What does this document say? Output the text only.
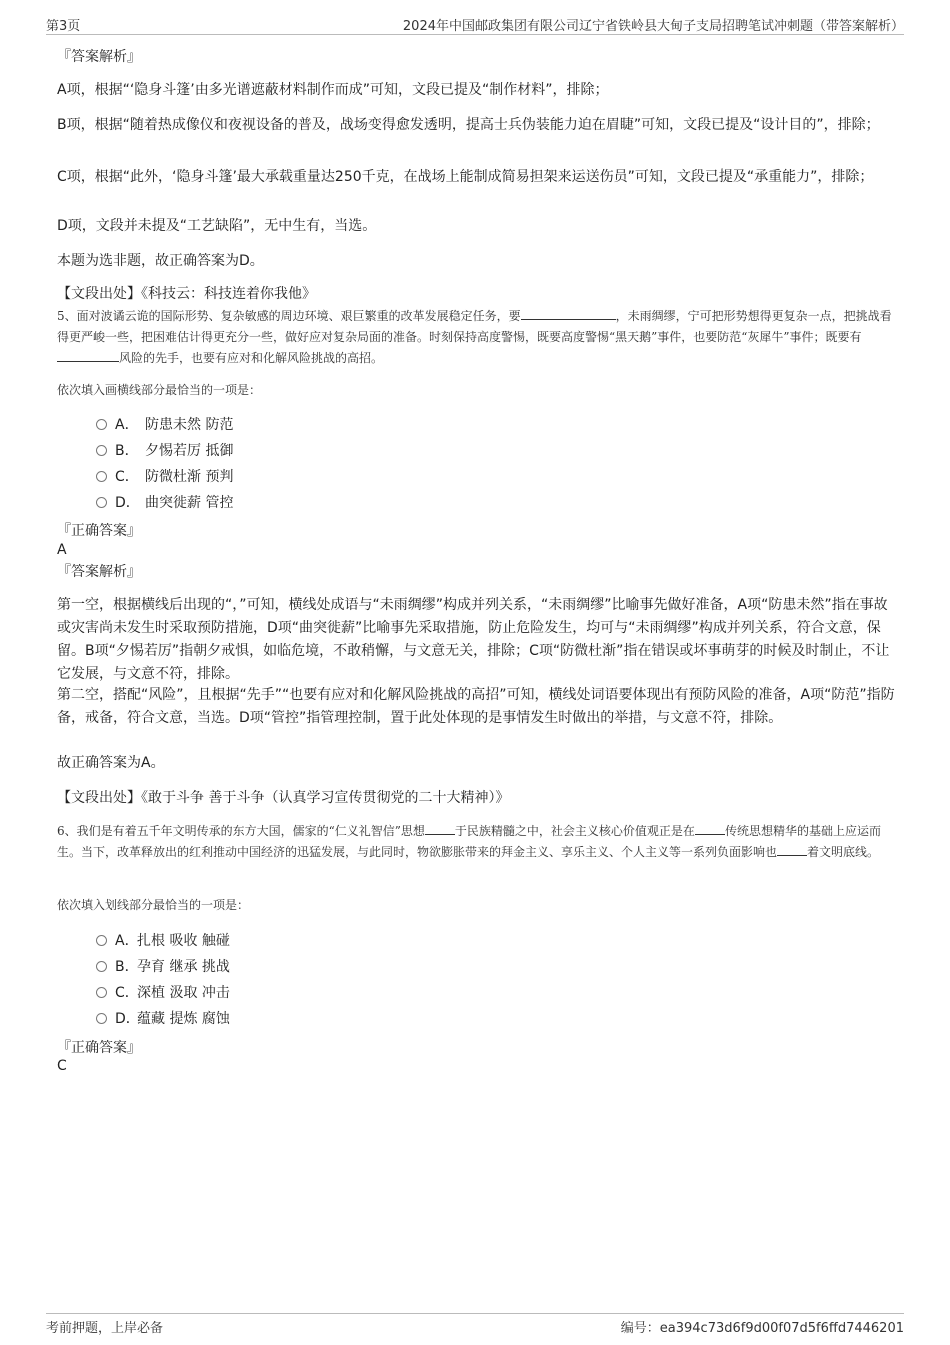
第3页	2024年中国邮政集团有限公司辽宁省铁岭县大甸子支局招聘笔试冲刺题（带答案解析）
『答案解析』
A项，根据“‘隐身斗篷’由多光谱遮蔽材料制作而成”可知，文段已提及“制作材料”，排除；
B项，根据“随着热成像仪和夜视设备的普及，战场变得愈发透明，提高士兵伪装能力迫在眉睫”可知，文段已提及“设计目的”，排除；
C项，根据“此外，‘隐身斗篷’最大承载重量达250千克，在战场上能制成简易担架来运送伤员”可知，文段已提及“承重能力”，排除；
D项，文段并未提及“工艺缺陷”，无中生有，当选。
本题为选非题，故正确答案为D。
【文段出处】《科技云：科技连着你我他》
5、面对波谲云诡的国际形势、复杂敏感的周边环境、艰巨繁重的改革发展稳定任务，要	，未雨绸缪，宁可把形势想得更复杂一点，把挑战看得更严峻一些，把困难估计得更充分一些，做好应对复杂局面的准备。时刻保持高度警惕，既要高度警惕“黑天鹅”事件，也要防范“灰犀牛”事件；既要有风险的先手，也要有应对和化解风险挑战的高招。
依次填入画横线部分最恰当的一项是：
A． 防患未然 防范
B． 夕惕若厉 抵御
C． 防微杜渐 预判
D． 曲突徙薪 管控
『正确答案』
A
『答案解析』
第一空，根据横线后出现的“，”可知，横线处成语与“未雨绸缪”构成并列关系，“未雨绸缪”比喻事先做好准备，A项“防患未然”指在事故或灾害尚未发生时采取预防措施，D项“曲突徙薪”比喻事先采取措施，防止危险发生，均可与“未雨绸缪”构成并列关系，符合文意，保留。B项“夕惕若厉”指朝夕戒惧，如临危境，不敢稍懈，与文意无关，排除；C项“防微杜渐”指在错误或坏事萌芽的时候及时制止，不让它发展，与文意不符，排除。
第二空，搭配“风险”，且根据“先手”“也要有应对和化解风险挑战的高招”可知，横线处词语要体现出有预防风险的准备，A项“防范”指防备，戒备，符合文意，当选。D项“管控”指管理控制，置于此处体现的是事情发生时做出的举措，与文意不符，排除。
故正确答案为A。
【文段出处】《敢于斗争 善于斗争（认真学习宣传贯彻党的二十大精神）》
6、我们是有着五千年文明传承的东方大国，儒家的“仁义礼智信”思想	于民族精髓之中，社会主义核心价值观正是在	传统思想精华的基础上应运而生。当下，改革释放出的红利推动中国经济的迅猛发展，与此同时，物欲膨胀带来的拜金主义、享乐主义、个人主义等一系列负面影响也	着文明底线。
依次填入划线部分最恰当的一项是：
A．扎根 吸收 触碰
B．孕育 继承 挑战
C．深植 汲取 冲击
D．蕴藏 提炼 腐蚀
『正确答案』
C
考前押题，上岸必备	编号：ea394c73d6f9d00f07d5f6ffd7446201
